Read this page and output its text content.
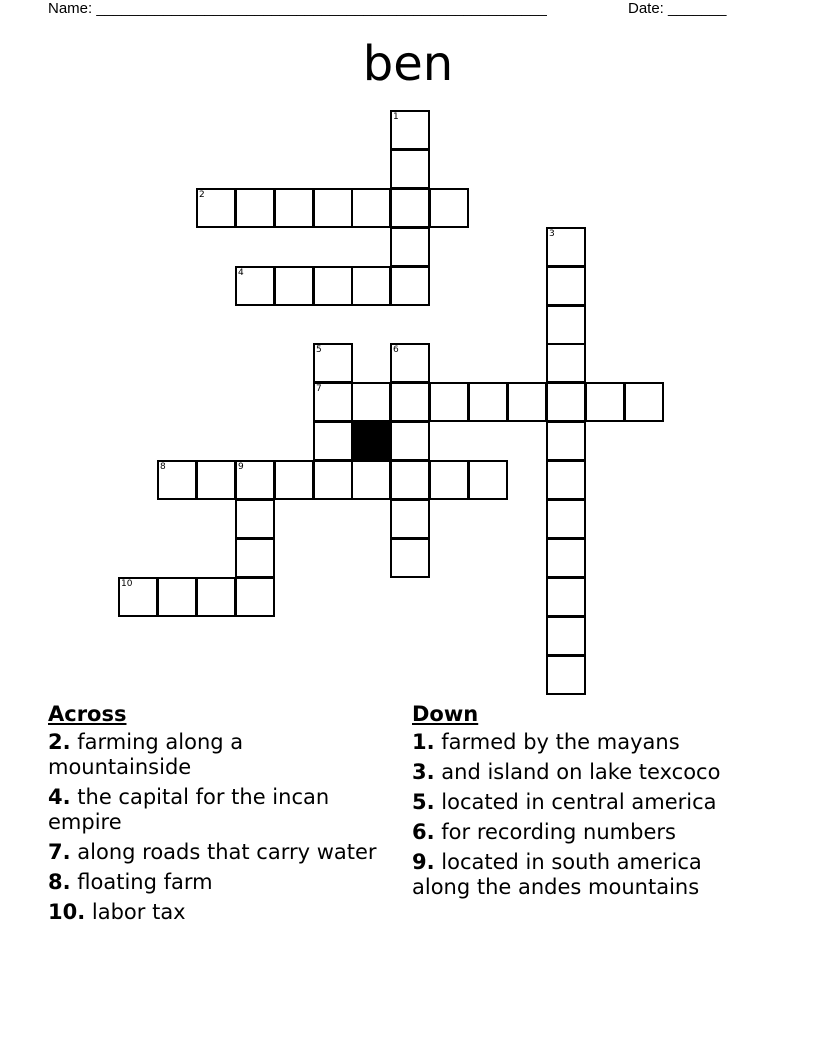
Name: ______________________________________________________	Date: _______
ben
1
2
3
4
5
7
6
8	9
10
Across
2. farming along a mountainside
4. the capital for the incan empire
7. along roads that carry water
8. floating farm
10. labor tax
Down
1. farmed by the mayans
3. and island on lake texcoco
5. located in central america
6. for recording numbers
9. located in south america along the andes mountains
